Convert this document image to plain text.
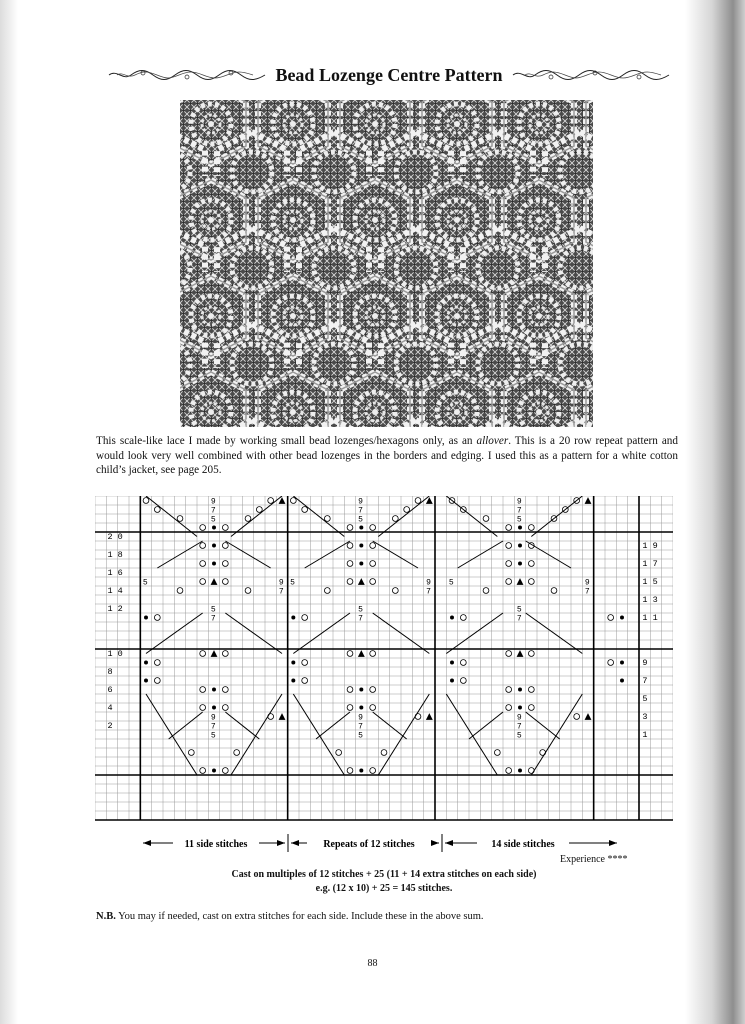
Bead Lozenge Centre Pattern
This scale-like lace I made by working small bead lozenges/hexagons only, as an allover. This is a 20 row repeat pattern and would look very well combined with other bead lozenges in the borders and edging. I used this as a pattern for a white cotton child’s jacket, see page 205.
2 0
1 8
1 6
1 4
1 2
1 0
8
6
4
2
1 9
1 7
1 5
1 3
1 1
9
7
5
3
1
9
7
5
5	9
7
5
7
9
7
5
9
7
5
5	9
7
5
7
9
7
5
9
7
5
5	9
7
5
7
9
7
5
11 side stitches	Repeats of 12 stitches	14 side stitches
Experience ****
Cast on multiples of 12 stitches + 25 (11 + 14 extra stitches on each side)
e.g. (12 x 10) + 25 = 145 stitches.
N.B. You may if needed, cast on extra stitches for each side. Include these in the above sum.
88
